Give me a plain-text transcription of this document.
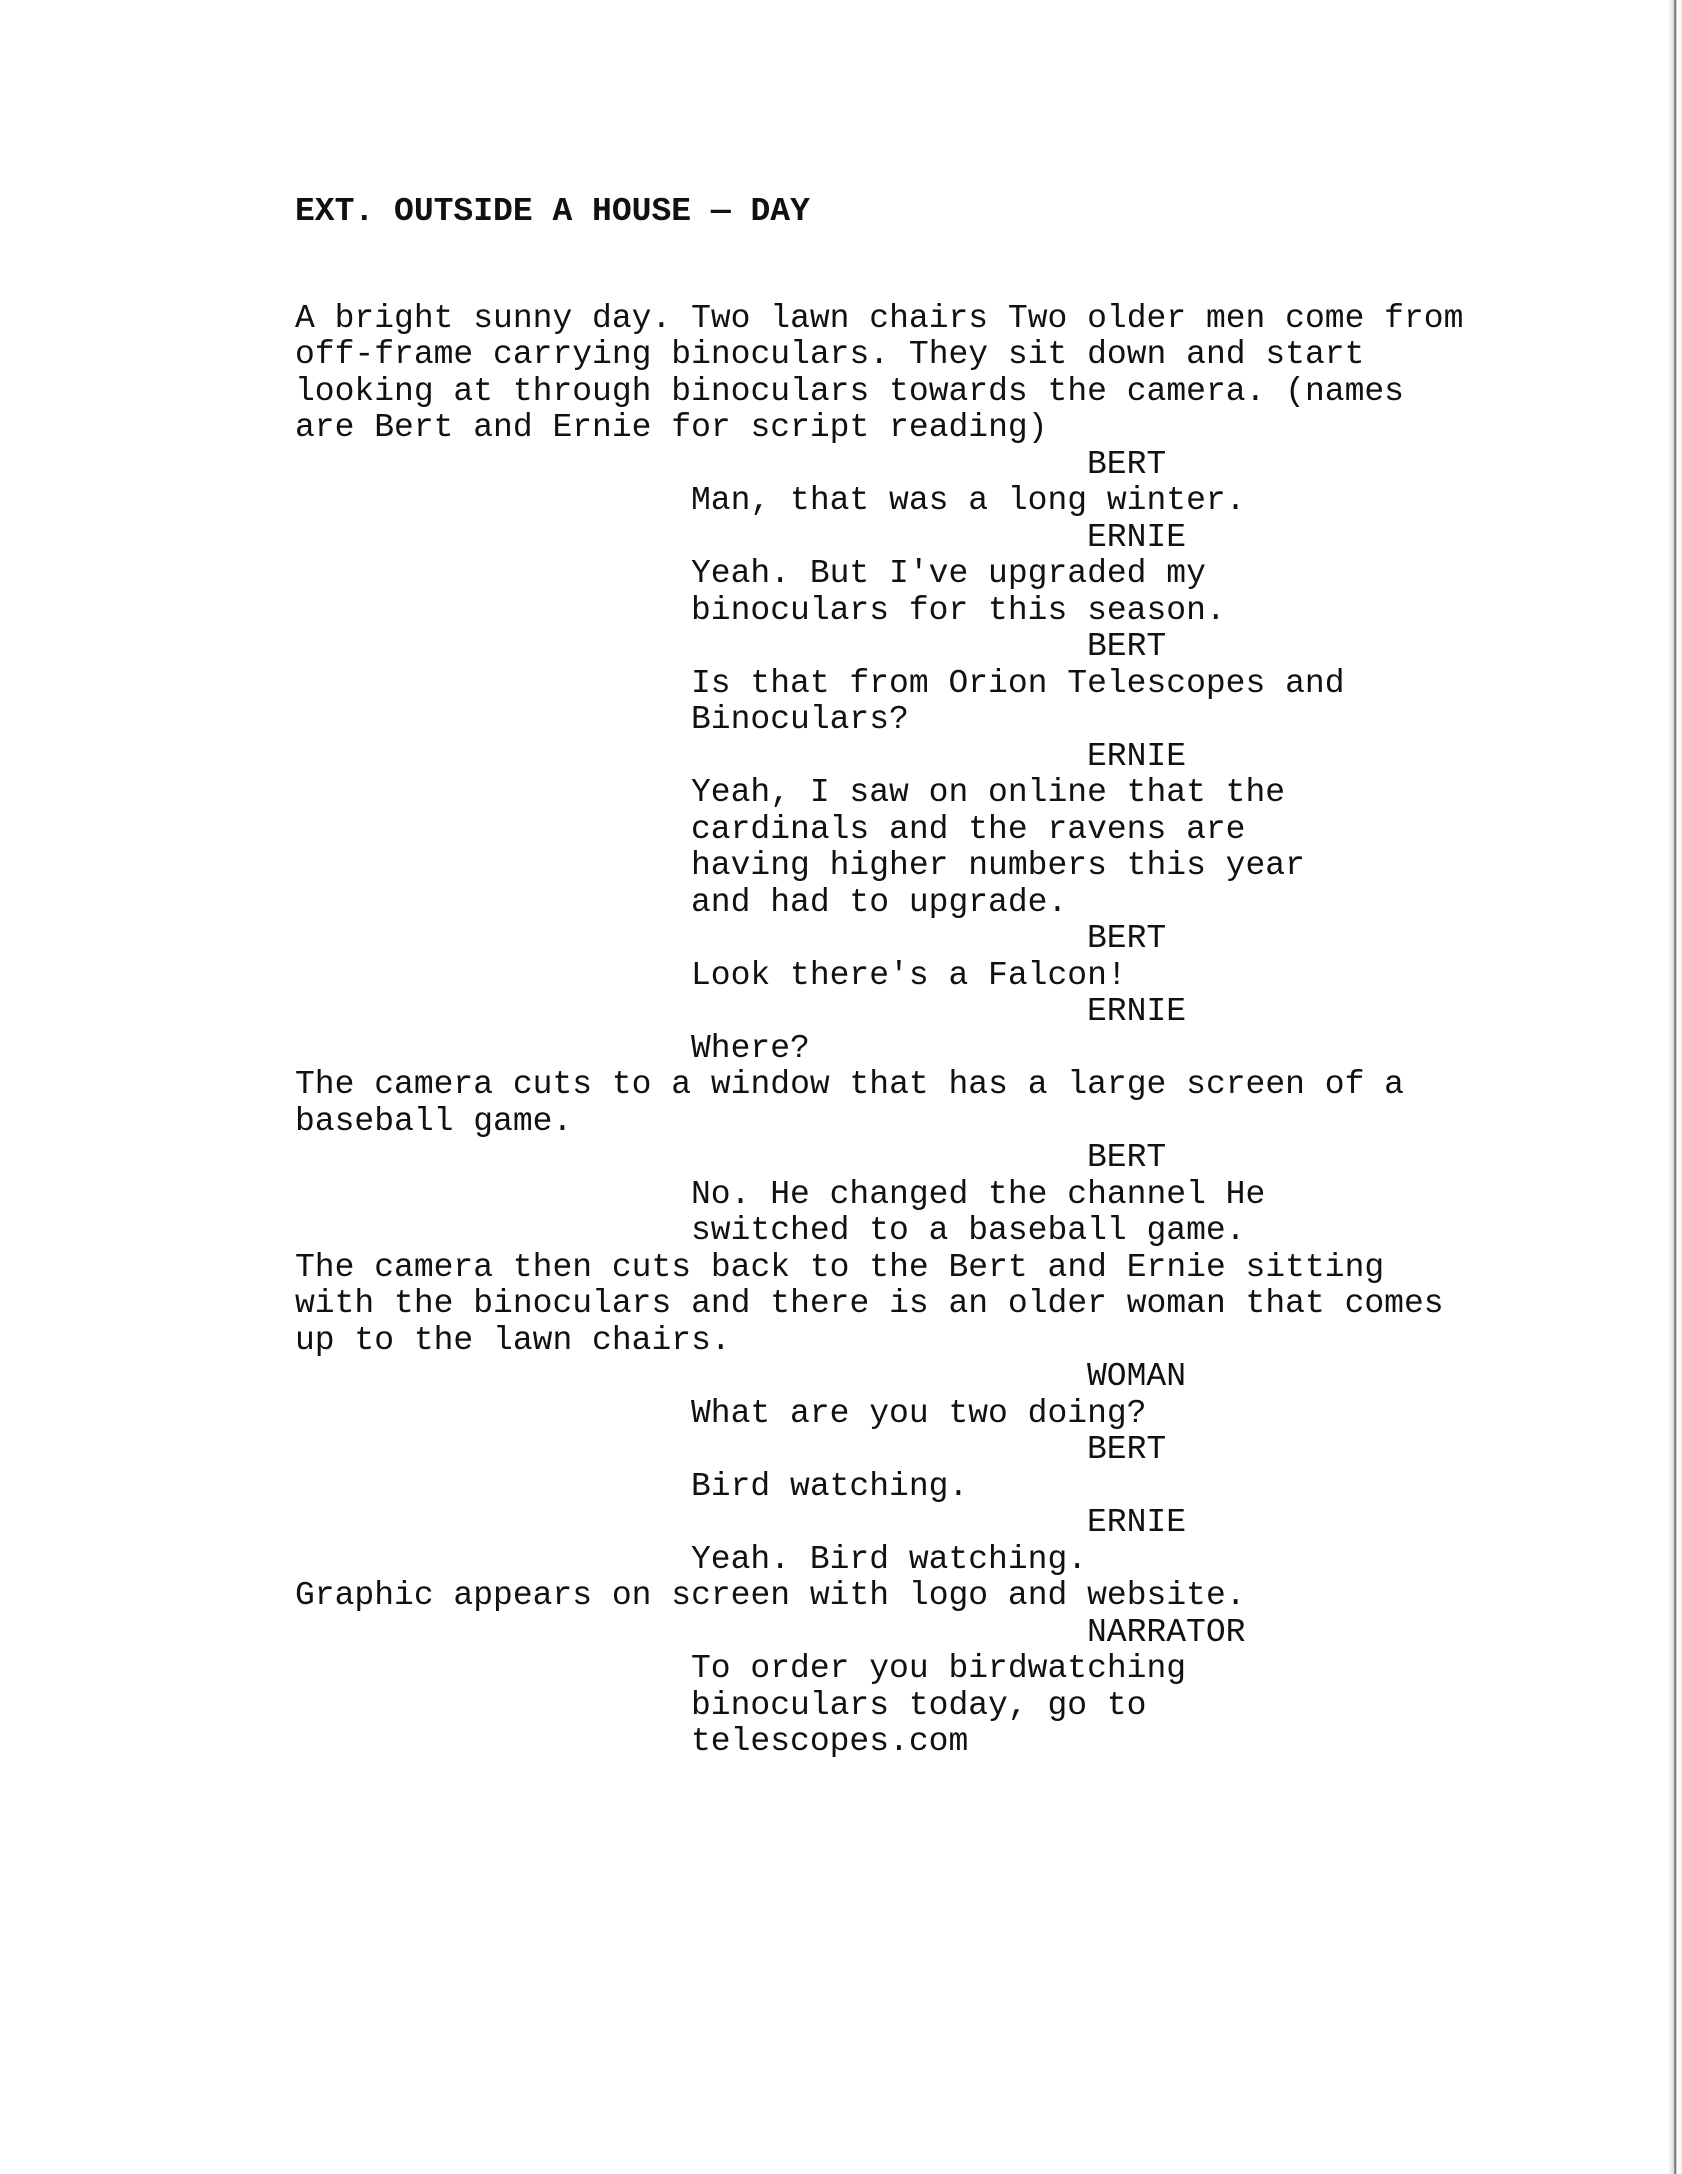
EXT. OUTSIDE A HOUSE — DAY
A bright sunny day. Two lawn chairs Two older men come from
off-frame carrying binoculars. They sit down and start
looking at through binoculars towards the camera. (names
are Bert and Ernie for script reading)
BERT
Man, that was a long winter.
ERNIE
Yeah. But I've upgraded my
binoculars for this season.
BERT
Is that from Orion Telescopes and
Binoculars?
ERNIE
Yeah, I saw on online that the
cardinals and the ravens are
having higher numbers this year
and had to upgrade.
BERT
Look there's a Falcon!
ERNIE
Where?
The camera cuts to a window that has a large screen of a
baseball game.
BERT
No. He changed the channel He
switched to a baseball game.
The camera then cuts back to the Bert and Ernie sitting
with the binoculars and there is an older woman that comes
up to the lawn chairs.
WOMAN
What are you two doing?
BERT
Bird watching.
ERNIE
Yeah. Bird watching.
Graphic appears on screen with logo and website.
NARRATOR
To order you birdwatching
binoculars today, go to
telescopes.com
